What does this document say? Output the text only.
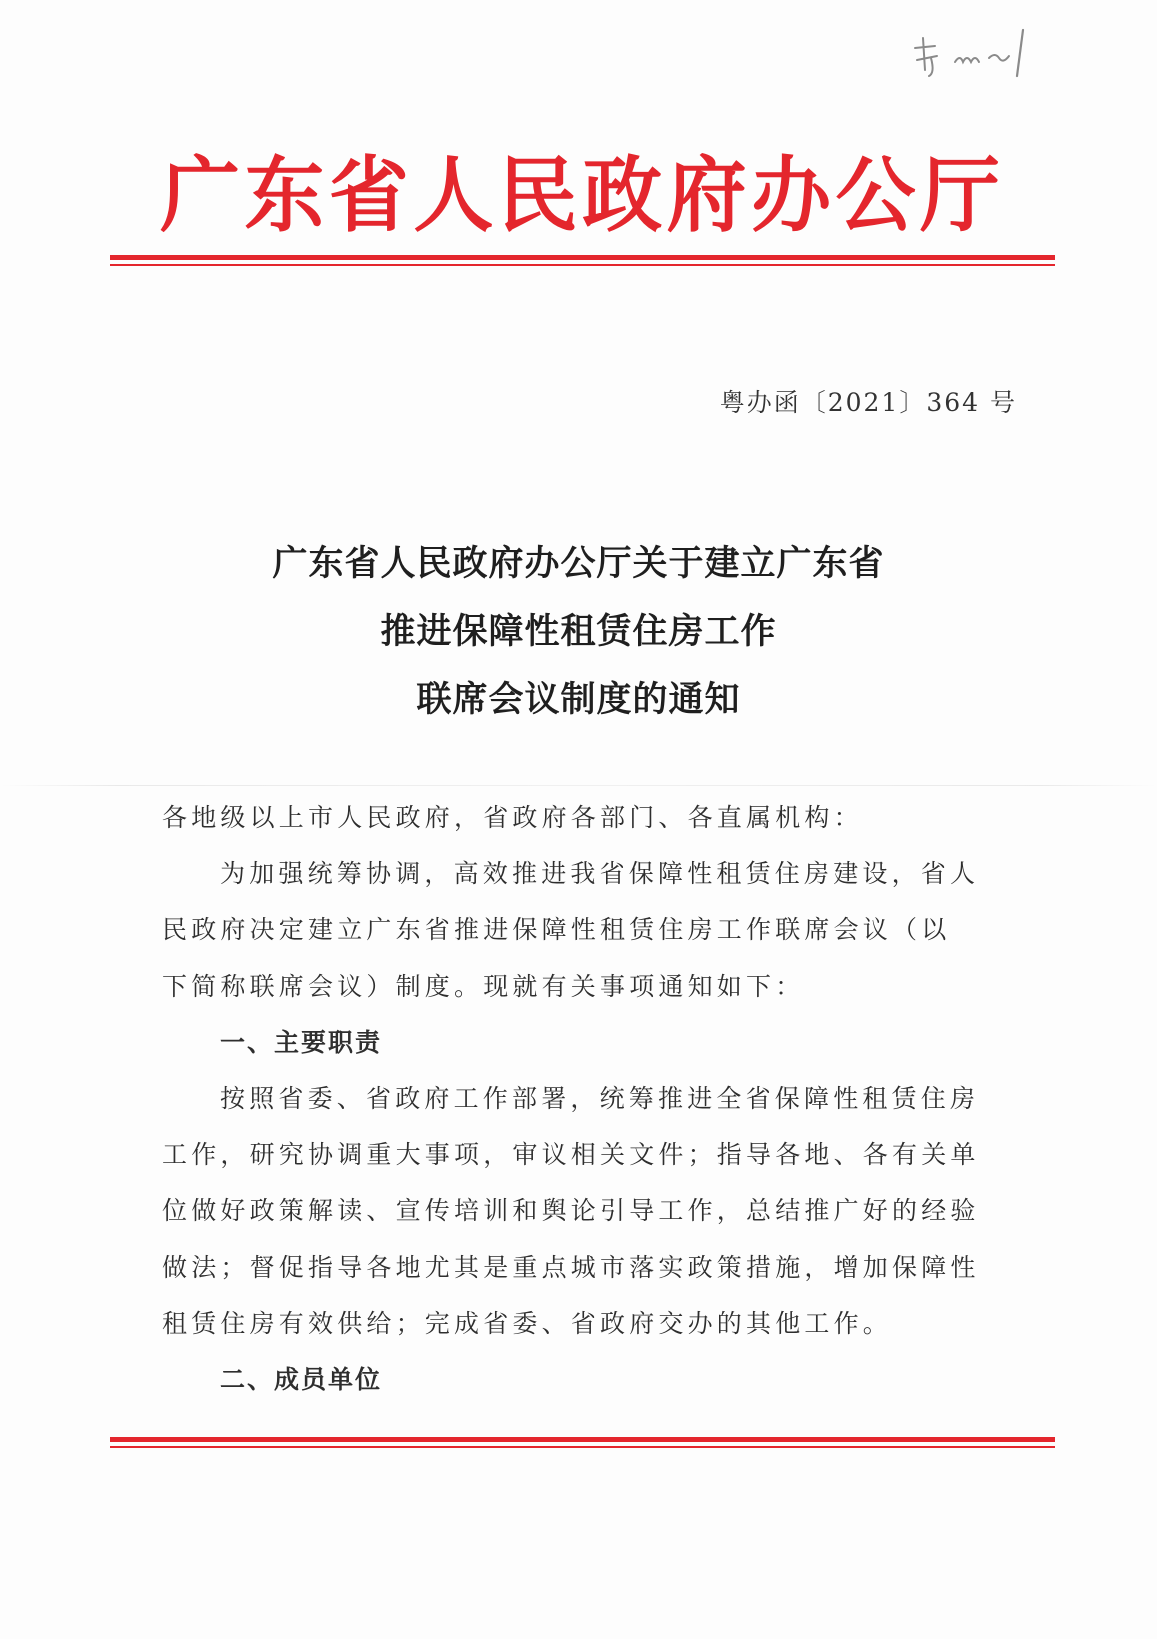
广 东 省 人 民 政 府 办 公 厅
粤办函〔2021〕364 号
广东省人民政府办公厅关于建立广东省
推进保障性租赁住房工作
联席会议制度的通知
各地级以上市人民政府，省政府各部门、各直属机构：
为加强统筹协调，高效推进我省保障性租赁住房建设，省人
民政府决定建立广东省推进保障性租赁住房工作联席会议（以
下简称联席会议）制度。现就有关事项通知如下：
一、主要职责
按照省委、省政府工作部署，统筹推进全省保障性租赁住房
工作，研究协调重大事项，审议相关文件；指导各地、各有关单
位做好政策解读、宣传培训和舆论引导工作，总结推广好的经验
做法；督促指导各地尤其是重点城市落实政策措施，增加保障性
租赁住房有效供给；完成省委、省政府交办的其他工作。
二、成员单位
